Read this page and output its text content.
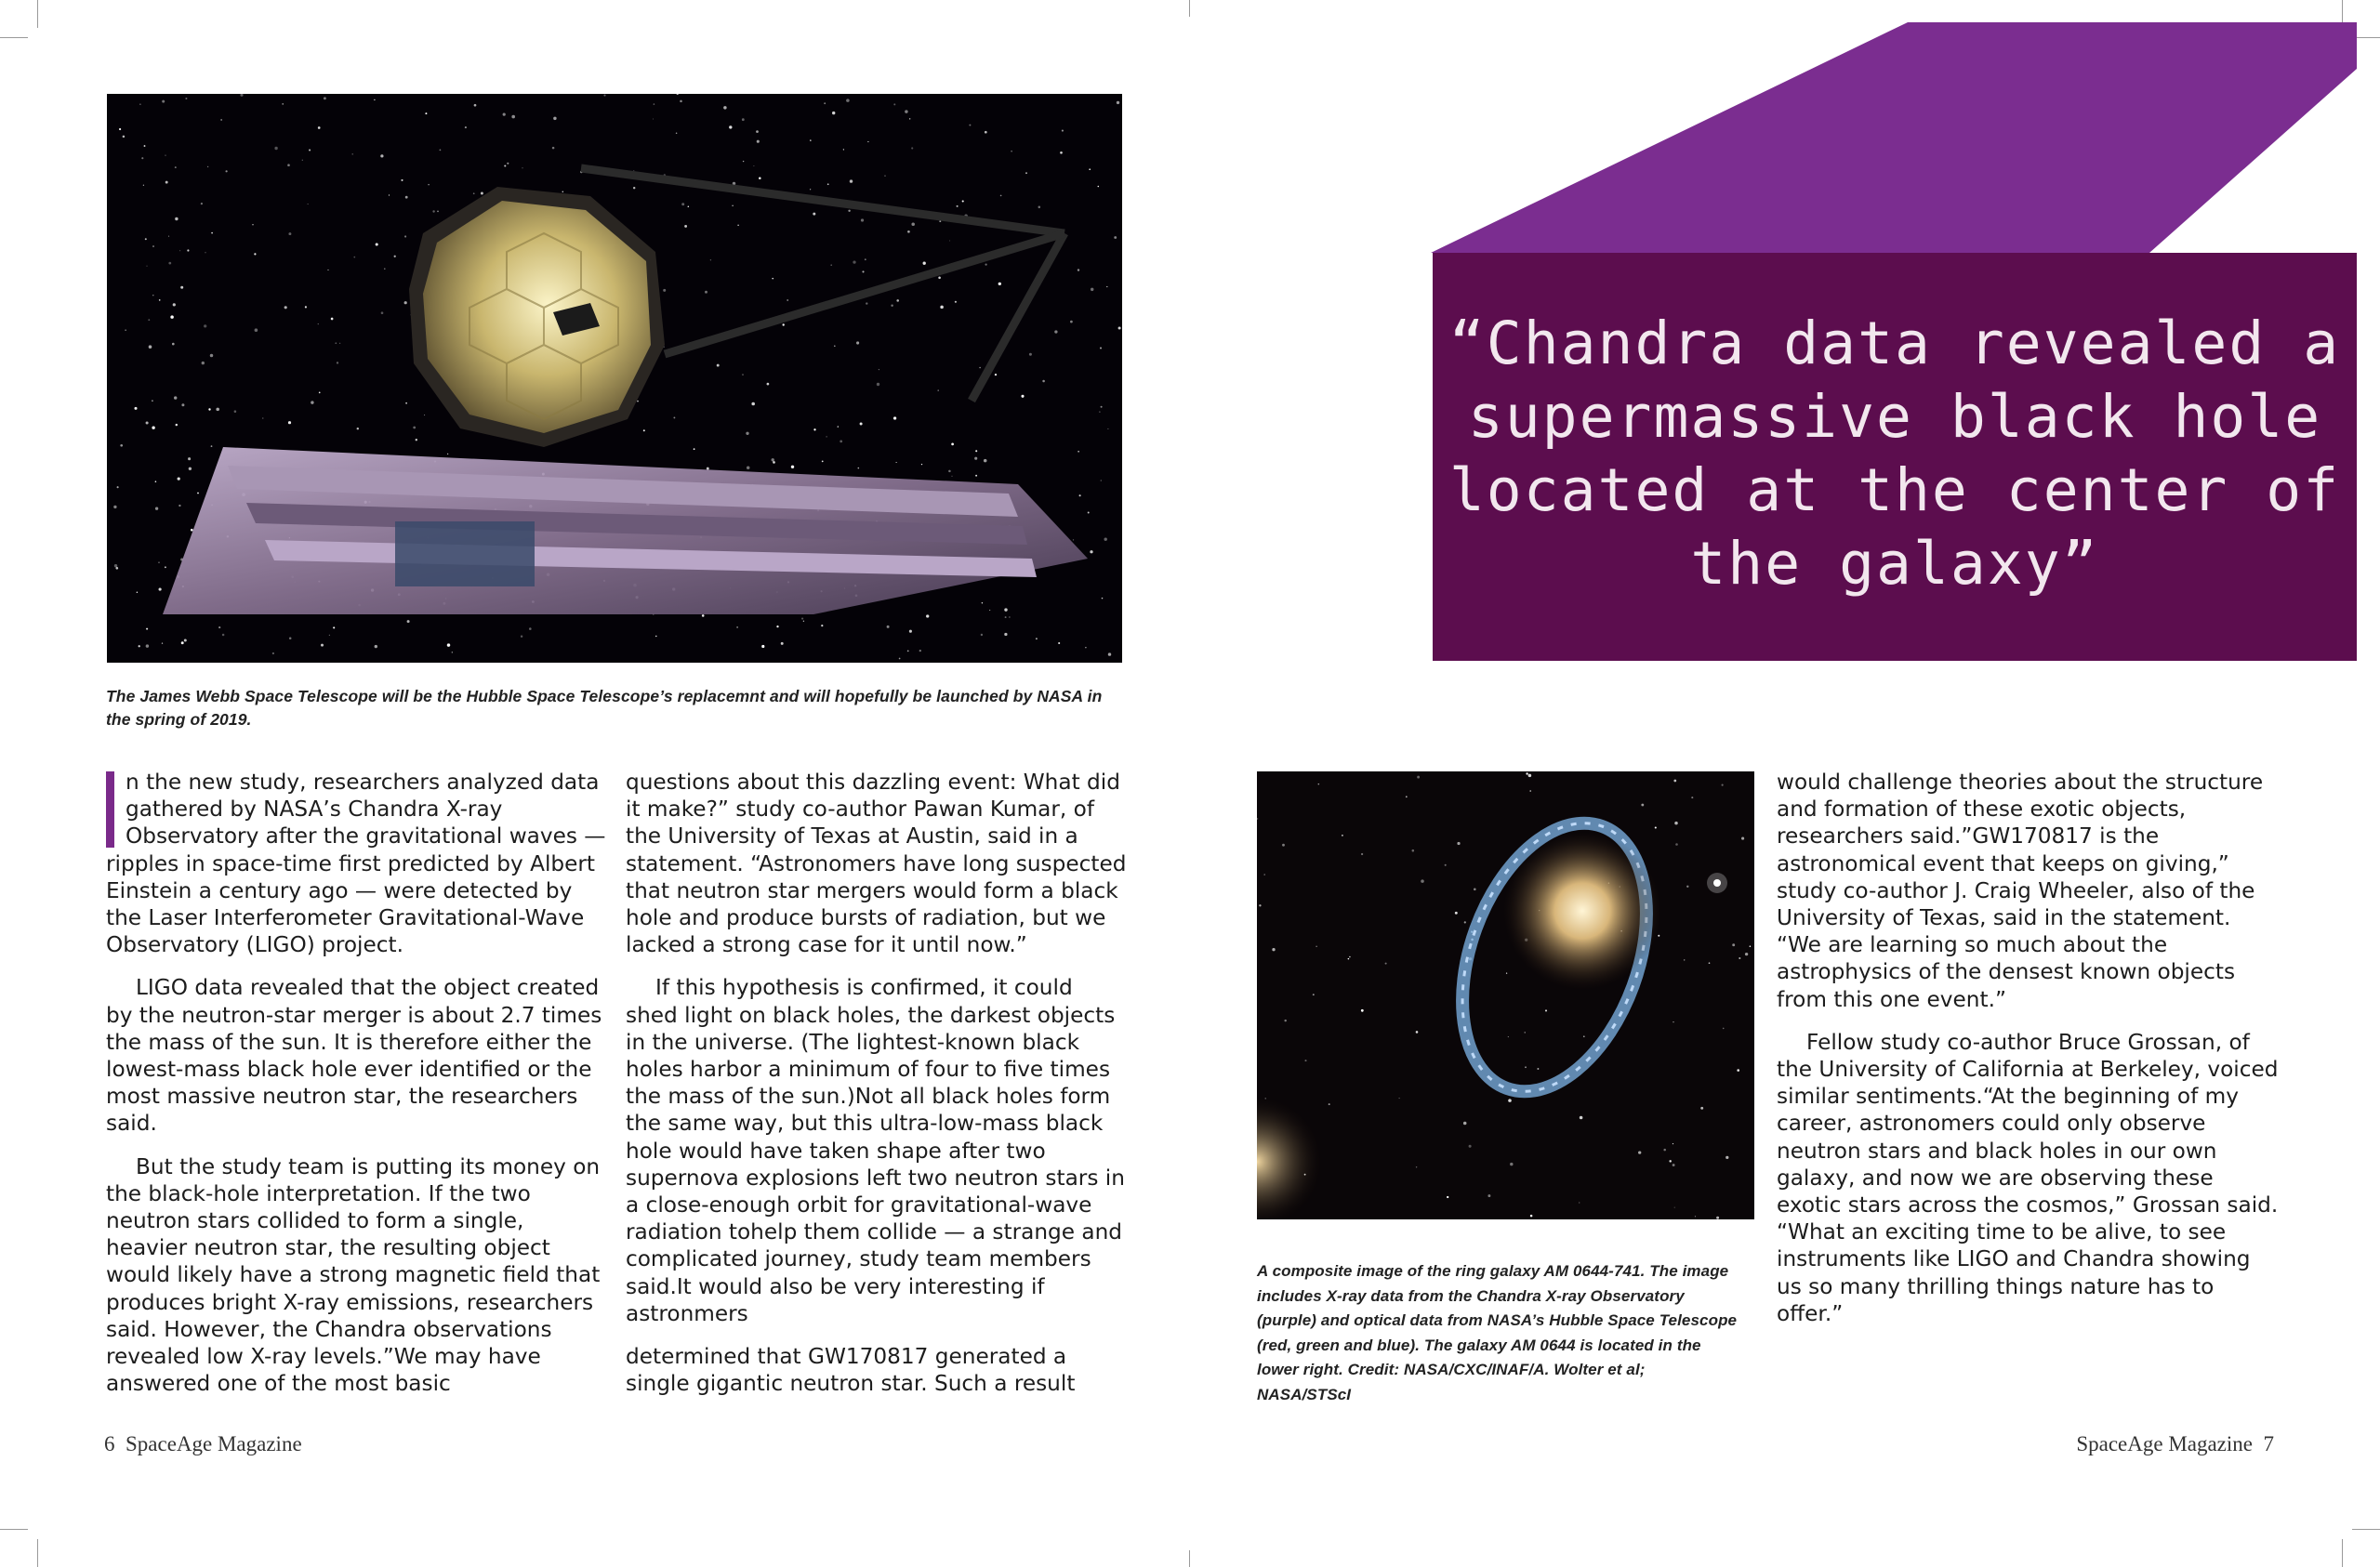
The James Webb Space Telescope will be the Hubble Space Telescope’s replacemnt and will hopefully be launched by NASA in the spring of 2019.

n the new study, researchers analyzed data gathered by NASA’s Chandra X-ray Observatory after the gravitational waves — ripples in space-time first predicted by Albert Einstein a century ago — were detected by the Laser Interferometer Gravitational-Wave Observatory (LIGO) project.

LIGO data revealed that the object created by the neutron-star merger is about 2.7 times the mass of the sun. It is therefore either the lowest-mass black hole ever identified or the most massive neutron star, the researchers said.

But the study team is putting its money on the black-hole interpretation. If the two neutron stars collided to form a single, heavier neutron star, the resulting object would likely have a strong magnetic field that produces bright X-ray emissions, researchers said. However, the Chandra observations revealed low X-ray levels.”We may have answered one of the most basic

questions about this dazzling event: What did it make?” study co-author Pawan Kumar, of the University of Texas at Austin, said in a statement. “Astronomers have long suspected that neutron star mergers would form a black hole and produce bursts of radiation, but we lacked a strong case for it until now.”

If this hypothesis is confirmed, it could shed light on black holes, the darkest objects in the universe. (The lightest-known black holes harbor a minimum of four to five times the mass of the sun.)Not all black holes form the same way, but this ultra-low-mass black hole would have taken shape after two supernova explosions left two neutron stars in a close-enough orbit for gravitational-wave radiation tohelp them collide — a strange and complicated journey, study team members said.It would also be very interesting if astronmers

determined that GW170817 generated a single gigantic neutron star. Such a result

6  SpaceAge Magazine

“Chandra data revealed a supermassive black hole located at the center of the galaxy”

A composite image of the ring galaxy AM 0644-741. The image includes X-ray data from the Chandra X-ray Observatory (purple) and optical data from NASA’s Hubble Space Telescope (red, green and blue). The galaxy AM 0644 is located in the lower right. Credit: NASA/CXC/INAF/A. Wolter et al; NASA/STScI

would challenge theories about the structure and formation of these exotic objects, researchers said.”GW170817 is the astronomical event that keeps on giving,” study co-author J. Craig Wheeler, also of the University of Texas, said in the statement. “We are learning so much about the astrophysics of the densest known objects from this one event.”

Fellow study co-author Bruce Grossan, of the University of California at Berkeley, voiced similar sentiments.“At the beginning of my career, astronomers could only observe neutron stars and black holes in our own galaxy, and now we are observing these exotic stars across the cosmos,” Grossan said. “What an exciting time to be alive, to see instruments like LIGO and Chandra showing us so many thrilling things nature has to offer.”

SpaceAge Magazine  7
